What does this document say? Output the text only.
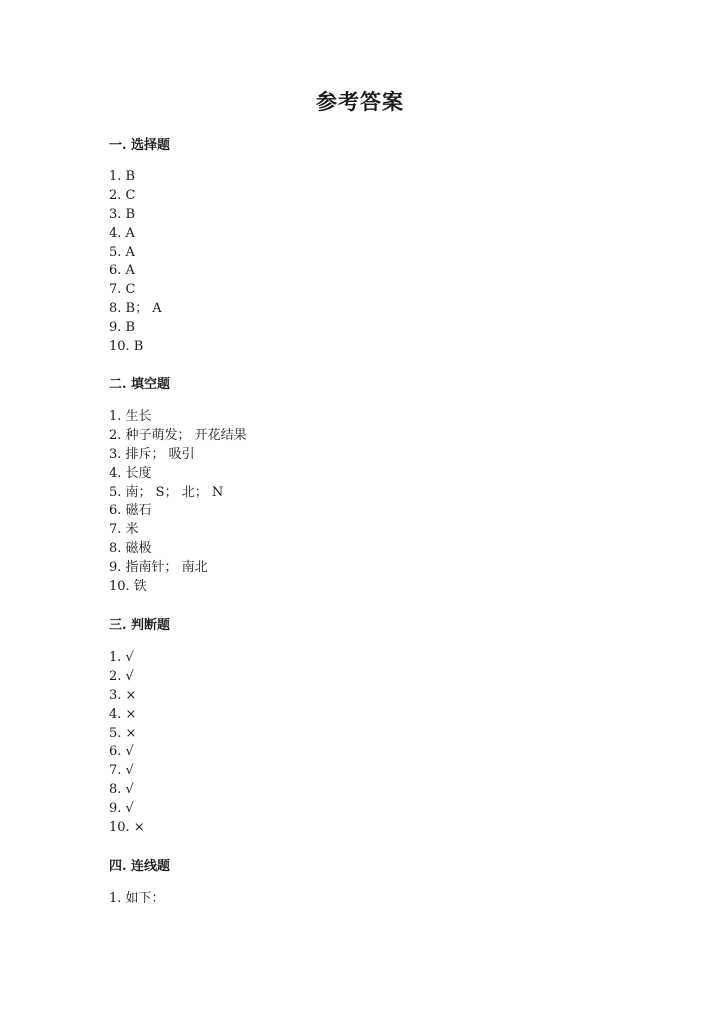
参考答案
一. 选择题
1. B
2. C
3. B
4. A
5. A
6. A
7. C
8. B； A
9. B
10. B
二. 填空题
1. 生长
2. 种子萌发； 开花结果
3. 排斥； 吸引
4. 长度
5. 南； S； 北； N
6. 磁石
7. 米
8. 磁极
9. 指南针； 南北
10. 铁
三. 判断题
1. √
2. √
3. ×
4. ×
5. ×
6. √
7. √
8. √
9. √
10. ×
四. 连线题
1. 如下：
